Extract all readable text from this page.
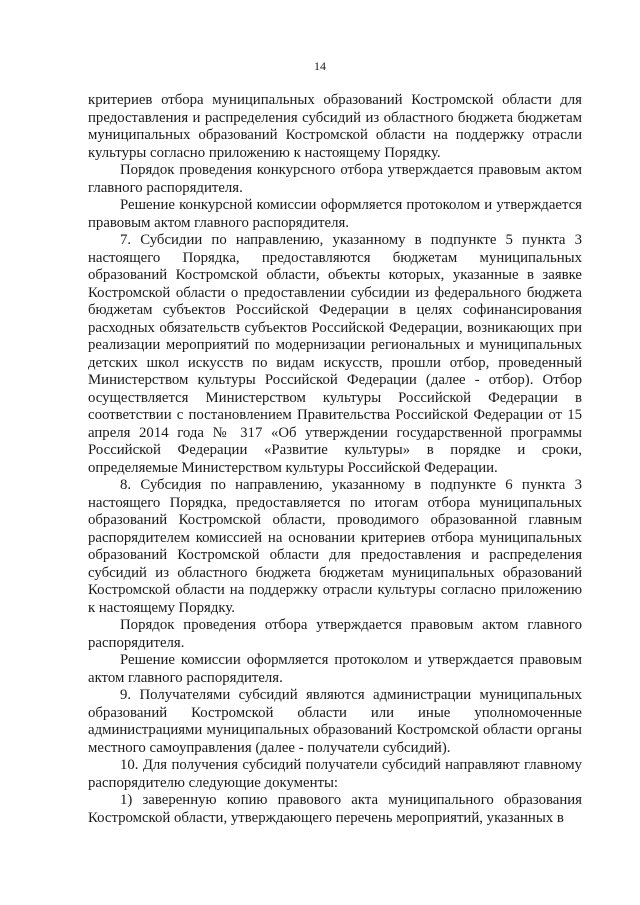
14

критериев отбора муниципальных образований Костромской области для предоставления и распределения субсидий из областного бюджета бюджетам муниципальных образований Костромской области на поддержку отрасли культуры согласно приложению к настоящему Порядку.

Порядок проведения конкурсного отбора утверждается правовым актом главного распорядителя.

Решение конкурсной комиссии оформляется протоколом и утверждается правовым актом главного распорядителя.

7. Субсидии по направлению, указанному в подпункте 5 пункта 3 настоящего Порядка, предоставляются бюджетам муниципальных образований Костромской области, объекты которых, указанные в заявке Костромской области о предоставлении субсидии из федерального бюджета бюджетам субъектов Российской Федерации в целях софинансирования расходных обязательств субъектов Российской Федерации, возникающих при реализации мероприятий по модернизации региональных и муниципальных детских школ искусств по видам искусств, прошли отбор, проведенный Министерством культуры Российской Федерации (далее - отбор). Отбор осуществляется Министерством культуры Российской Федерации в соответствии с постановлением Правительства Российской Федерации от 15 апреля 2014 года № 317 «Об утверждении государственной программы Российской Федерации «Развитие культуры» в порядке и сроки, определяемые Министерством культуры Российской Федерации.

8. Субсидия по направлению, указанному в подпункте 6 пункта 3 настоящего Порядка, предоставляется по итогам отбора муниципальных образований Костромской области, проводимого образованной главным распорядителем комиссией на основании критериев отбора муниципальных образований Костромской области для предоставления и распределения субсидий из областного бюджета бюджетам муниципальных образований Костромской области на поддержку отрасли культуры согласно приложению к настоящему Порядку.

Порядок проведения отбора утверждается правовым актом главного распорядителя.

Решение комиссии оформляется протоколом и утверждается правовым актом главного распорядителя.

9. Получателями субсидий являются администрации муниципальных образований Костромской области или иные уполномоченные администрациями муниципальных образований Костромской области органы местного самоуправления (далее - получатели субсидий).

10. Для получения субсидий получатели субсидий направляют главному распорядителю следующие документы:

1) заверенную копию правового акта муниципального образования Костромской области, утверждающего перечень мероприятий, указанных в
